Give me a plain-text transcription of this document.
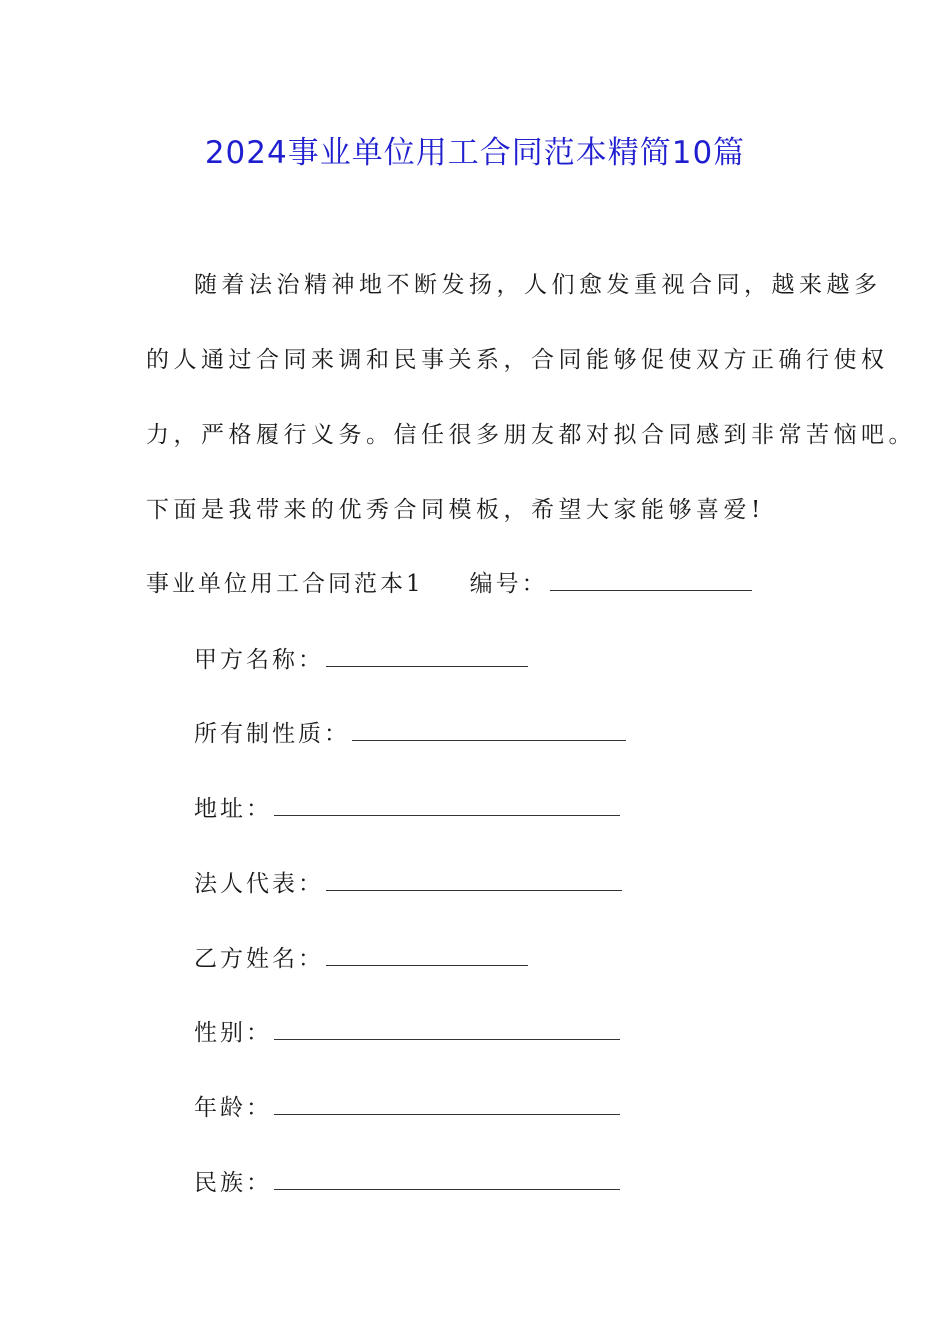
2024事业单位用工合同范本精简10篇
随着法治精神地不断发扬，人们愈发重视合同，越来越多
的人通过合同来调和民事关系，合同能够促使双方正确行使权
力，严格履行义务。信任很多朋友都对拟合同感到非常苦恼吧。
下面是我带来的优秀合同模板，希望大家能够喜爱!
事业单位用工合同范本1 编号：
甲方名称：
所有制性质：
地址：
法人代表：
乙方姓名：
性别：
年龄：
民族：
